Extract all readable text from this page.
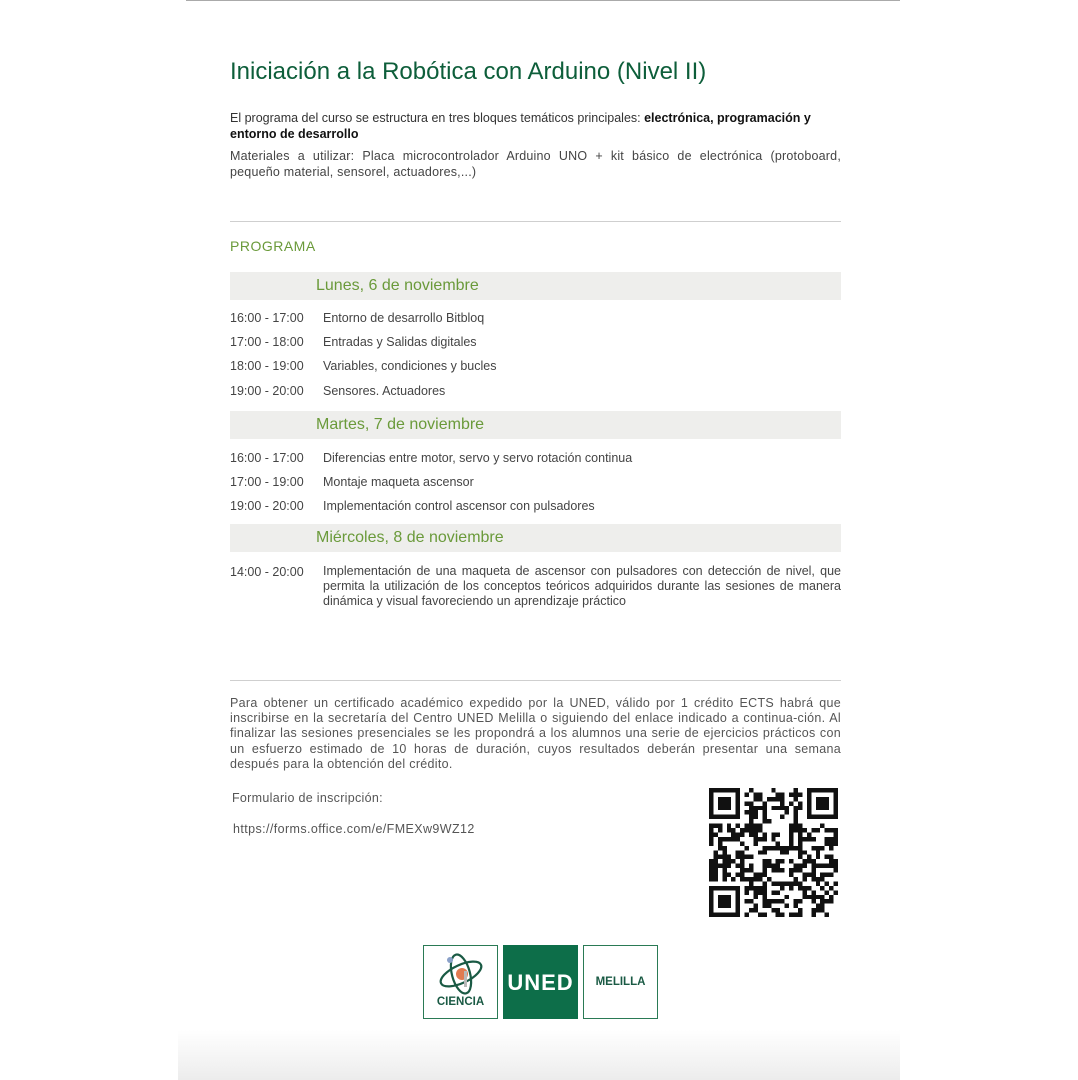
Iniciación a la Robótica con Arduino (Nivel II)
El programa del curso se estructura en tres bloques temáticos principales: electrónica, programación y entorno de desarrollo
Materiales a utilizar: Placa microcontrolador Arduino UNO + kit básico de electrónica (protoboard, pequeño material, sensorel, actuadores,...)
PROGRAMA
Lunes, 6 de noviembre
16:00 - 17:00 Entorno de desarrollo Bitbloq
17:00 - 18:00 Entradas y Salidas digitales
18:00 - 19:00 Variables, condiciones y bucles
19:00 - 20:00 Sensores. Actuadores
Martes, 7 de noviembre
16:00 - 17:00 Diferencias entre motor, servo y servo rotación continua
17:00 - 19:00 Montaje maqueta ascensor
19:00 - 20:00 Implementación control ascensor con pulsadores
Miércoles, 8 de noviembre
14:00 - 20:00 Implementación de una maqueta de ascensor con pulsadores con detección de nivel, que permita la utilización de los conceptos teóricos adquiridos durante las sesiones de manera dinámica y visual favoreciendo un aprendizaje práctico
Para obtener un certificado académico expedido por la UNED, válido por 1 crédito ECTS habrá que inscribirse en la secretaría del Centro UNED Melilla o siguiendo del enlace indicado a continua-ción. Al finalizar las sesiones presenciales se les propondrá a los alumnos una serie de ejercicios prácticos con un esfuerzo estimado de 10 horas de duración, cuyos resultados deberán presentar una semana después para la obtención del crédito.
Formulario de inscripción:
https://forms.office.com/e/FMEXw9WZ12
CIENCIA
UNED	MELILLA
